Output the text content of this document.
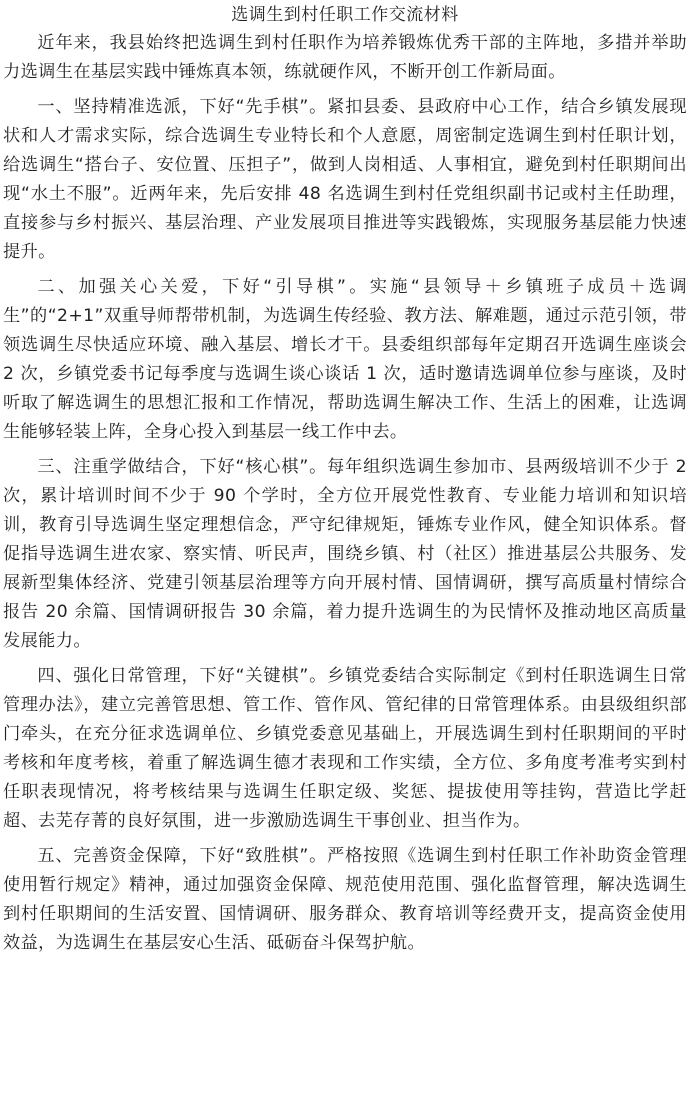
选调生到村任职工作交流材料

近年来，我县始终把选调生到村任职作为培养锻炼优秀干部的主阵地，多措并举助力选调生在基层实践中锤炼真本领，练就硬作风，不断开创工作新局面。

一、坚持精准选派，下好“先手棋”。紧扣县委、县政府中心工作，结合乡镇发展现状和人才需求实际，综合选调生专业特长和个人意愿，周密制定选调生到村任职计划，给选调生“搭台子、安位置、压担子”，做到人岗相适、人事相宜，避免到村任职期间出现“水土不服”。近两年来，先后安排 48 名选调生到村任党组织副书记或村主任助理，直接参与乡村振兴、基层治理、产业发展项目推进等实践锻炼，实现服务基层能力快速提升。

二、加强关心关爱，下好“引导棋”。实施“县领导＋乡镇班子成员＋选调生”的“2+1”双重导师帮带机制，为选调生传经验、教方法、解难题，通过示范引领，带领选调生尽快适应环境、融入基层、增长才干。县委组织部每年定期召开选调生座谈会 2 次，乡镇党委书记每季度与选调生谈心谈话 1 次，适时邀请选调单位参与座谈，及时听取了解选调生的思想汇报和工作情况，帮助选调生解决工作、生活上的困难，让选调生能够轻装上阵，全身心投入到基层一线工作中去。

三、注重学做结合，下好“核心棋”。每年组织选调生参加市、县两级培训不少于 2 次，累计培训时间不少于 90 个学时，全方位开展党性教育、专业能力培训和知识培训，教育引导选调生坚定理想信念，严守纪律规矩，锤炼专业作风，健全知识体系。督促指导选调生进农家、察实情、听民声，围绕乡镇、村（社区）推进基层公共服务、发展新型集体经济、党建引领基层治理等方向开展村情、国情调研，撰写高质量村情综合报告 20 余篇、国情调研报告 30 余篇，着力提升选调生的为民情怀及推动地区高质量发展能力。

四、强化日常管理，下好“关键棋”。乡镇党委结合实际制定《到村任职选调生日常管理办法》，建立完善管思想、管工作、管作风、管纪律的日常管理体系。由县级组织部门牵头，在充分征求选调单位、乡镇党委意见基础上，开展选调生到村任职期间的平时考核和年度考核，着重了解选调生德才表现和工作实绩，全方位、多角度考准考实到村任职表现情况，将考核结果与选调生任职定级、奖惩、提拔使用等挂钩，营造比学赶超、去芜存菁的良好氛围，进一步激励选调生干事创业、担当作为。

五、完善资金保障，下好“致胜棋”。严格按照《选调生到村任职工作补助资金管理使用暂行规定》精神，通过加强资金保障、规范使用范围、强化监督管理，解决选调生到村任职期间的生活安置、国情调研、服务群众、教育培训等经费开支，提高资金使用效益，为选调生在基层安心生活、砥砺奋斗保驾护航。
